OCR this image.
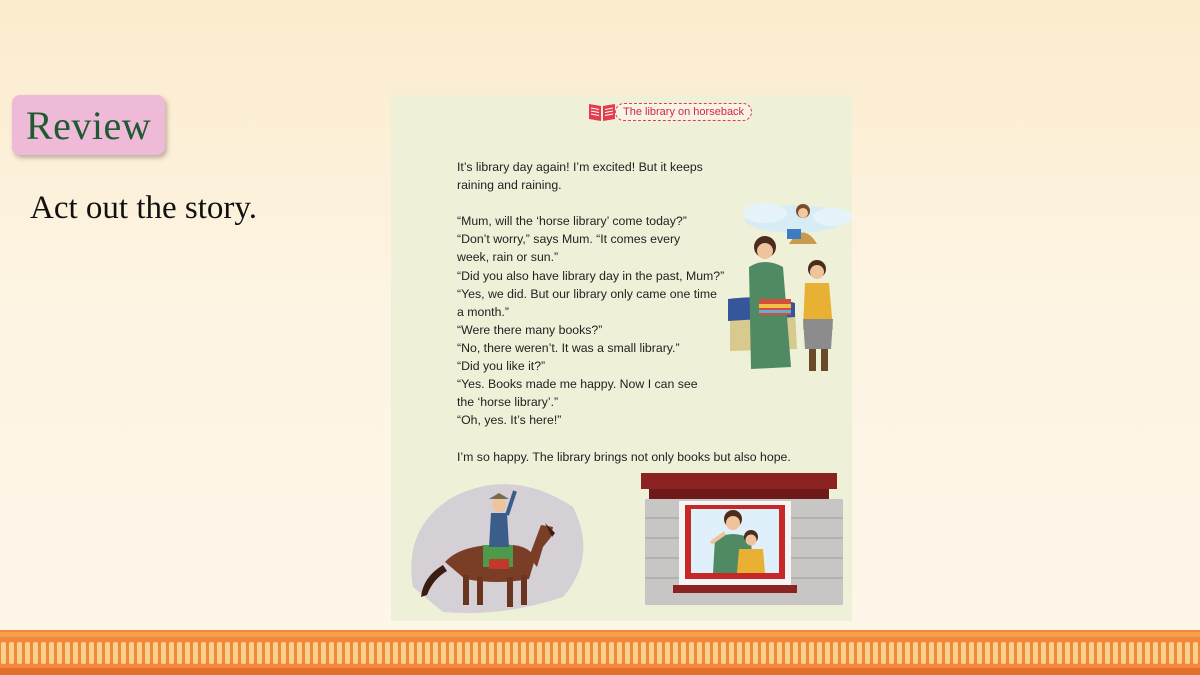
Review
Act out the story.
The library on horseback
It’s library day again! I’m excited! But it keeps
raining and raining.
“Mum, will the ‘horse library’ come today?”
“Don’t worry,” says Mum. “It comes every
week, rain or sun.”
“Did you also have library day in the past, Mum?”
“Yes, we did. But our library only came one time
a month.”
“Were there many books?”
“No, there weren’t. It was a small library.”
“Did you like it?”
“Yes. Books made me happy. Now I can see
the ‘horse library’.”
“Oh, yes. It’s here!”
I’m so happy. The library brings not only books but also hope.
